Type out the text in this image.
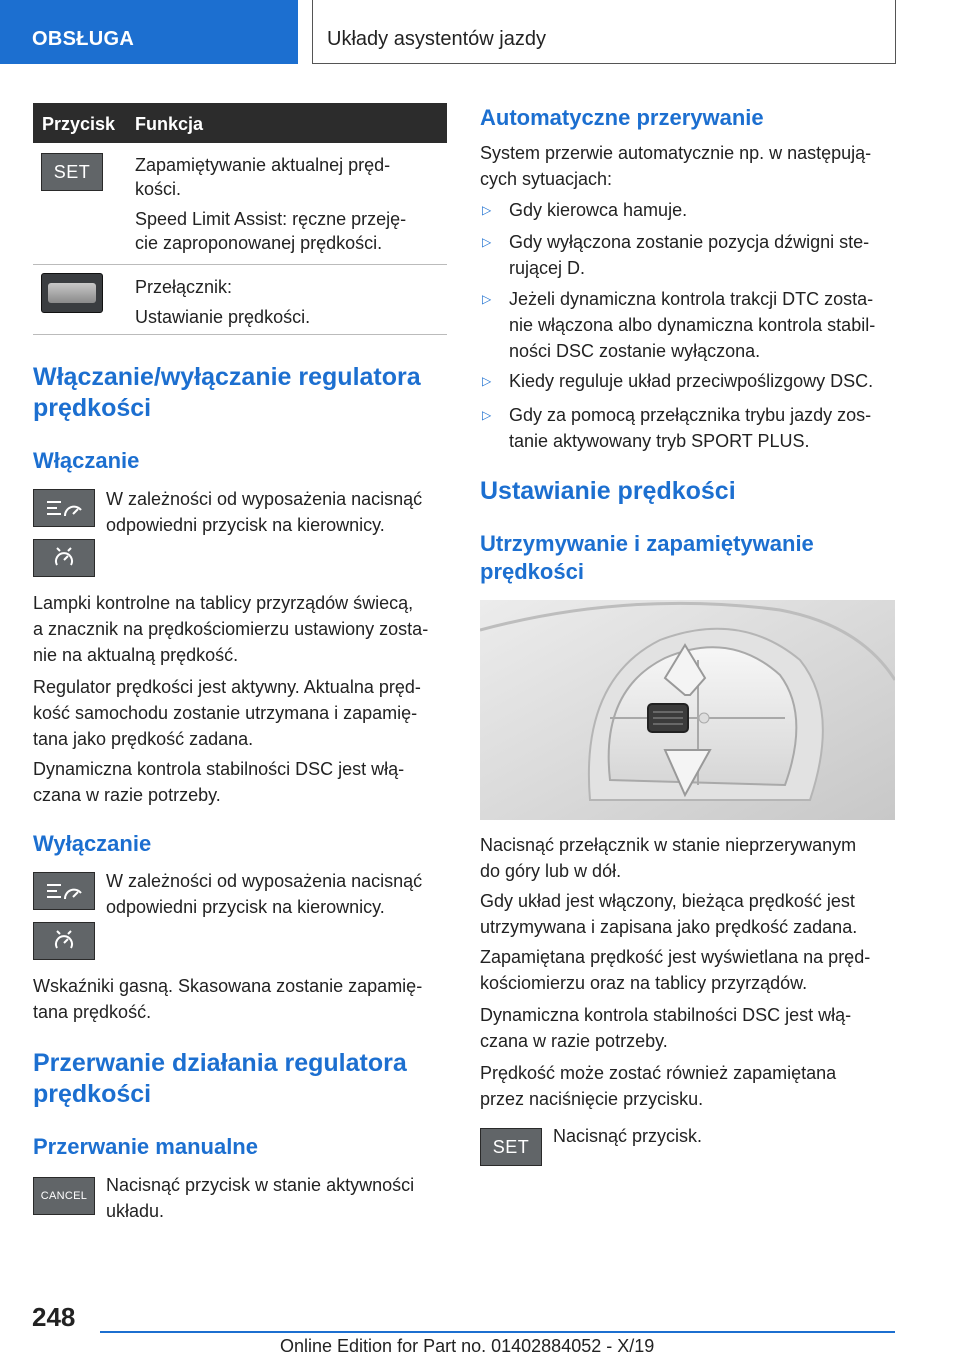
OBSŁUGA	Układy asystentów jazdy
Przycisk Funkcja
SET	Zapamiętywanie aktualnej pręd-
kości.

Speed Limit Assist: ręczne przeję-
cie zaproponowanej prędkości.

Przełącznik:

Ustawianie prędkości.

Włączanie/wyłączanie regulatora
prędkości
Włączanie
W zależności od wyposażenia nacisnąć
odpowiedni przycisk na kierownicy.
Lampki kontrolne na tablicy przyrządów świecą,
a znacznik na prędkościomierzu ustawiony zosta-
nie na aktualną prędkość.
Regulator prędkości jest aktywny. Aktualna pręd-
kość samochodu zostanie utrzymana i zapamię-
tana jako prędkość zadana.
Dynamiczna kontrola stabilności DSC jest włą-
czana w razie potrzeby.
Wyłączanie
W zależności od wyposażenia nacisnąć
odpowiedni przycisk na kierownicy.
Wskaźniki gasną. Skasowana zostanie zapamię-
tana prędkość.
Przerwanie działania regulatora
prędkości
Przerwanie manualne
CANCEL
Nacisnąć przycisk w stanie aktywności
układu.
Automatyczne przerywanie
System przerwie automatycznie np. w następują-
cych sytuacjach:
▷ Gdy kierowca hamuje.
▷ Gdy wyłączona zostanie pozycja dźwigni ste-
rującej D.
▷ Jeżeli dynamiczna kontrola trakcji DTC zosta-
nie włączona albo dynamiczna kontrola stabil-
ności DSC zostanie wyłączona.
▷ Kiedy reguluje układ przeciwpoślizgowy DSC.
▷ Gdy za pomocą przełącznika trybu jazdy zos-
tanie aktywowany tryb SPORT PLUS.
Ustawianie prędkości
Utrzymywanie i zapamiętywanie
prędkości
Nacisnąć przełącznik w stanie nieprzerywanym
do góry lub w dół.
Gdy układ jest włączony, bieżąca prędkość jest
utrzymywana i zapisana jako prędkość zadana.
Zapamiętana prędkość jest wyświetlana na pręd-
kościomierzu oraz na tablicy przyrządów.
Dynamiczna kontrola stabilności DSC jest włą-
czana w razie potrzeby.
Prędkość może zostać również zapamiętana
przez naciśnięcie przycisku.
SET
Nacisnąć przycisk.
248
Online Edition for Part no. 01402884052 - X/19
